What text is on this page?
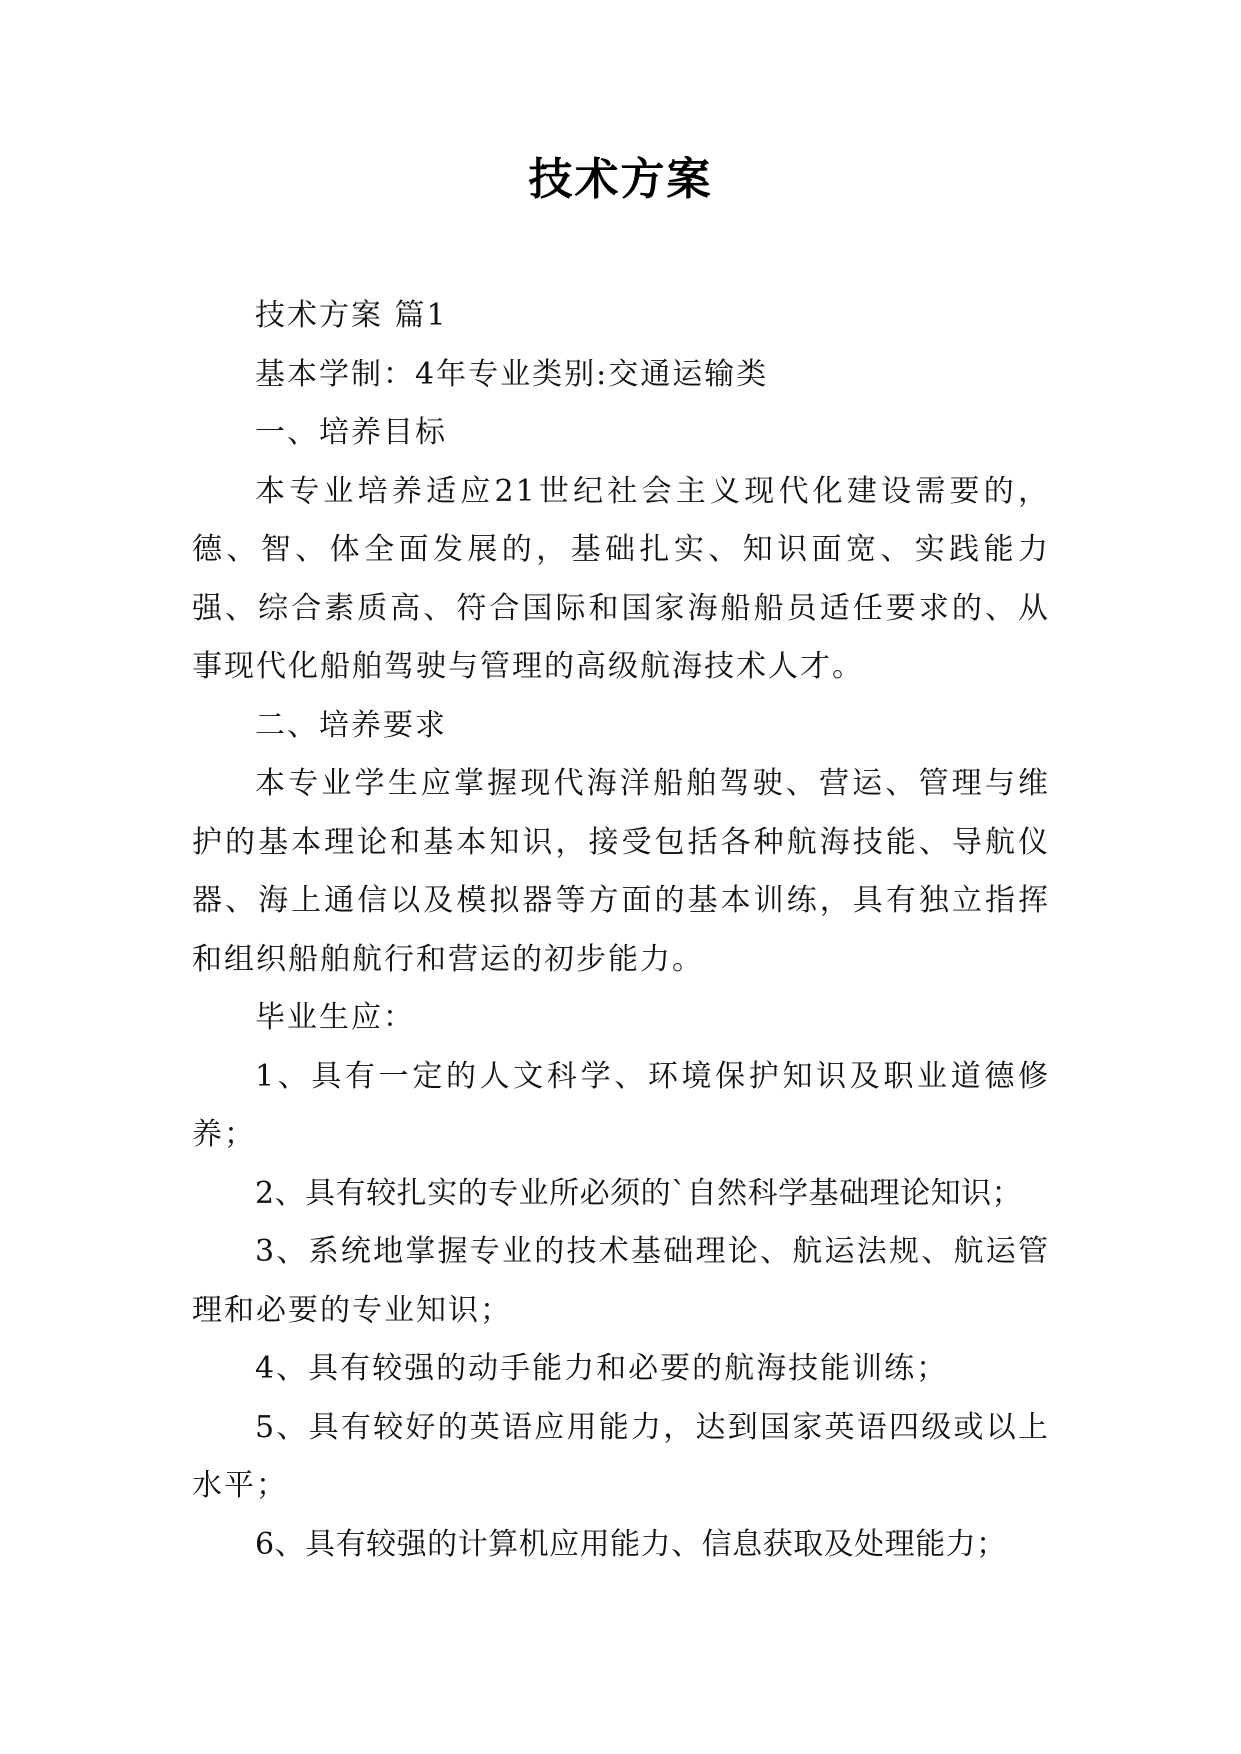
技术方案

技术方案 篇1

基本学制：4年专业类别:交通运输类

一、培养目标

本专业培养适应21世纪社会主义现代化建设需要的，德、智、体全面发展的，基础扎实、知识面宽、实践能力强、综合素质高、符合国际和国家海船船员适任要求的、从事现代化船舶驾驶与管理的高级航海技术人才。

二、培养要求

本专业学生应掌握现代海洋船舶驾驶、营运、管理与维护的基本理论和基本知识，接受包括各种航海技能、导航仪器、海上通信以及模拟器等方面的基本训练，具有独立指挥和组织船舶航行和营运的初步能力。

毕业生应：

1、具有一定的人文科学、环境保护知识及职业道德修养；

2、具有较扎实的专业所必须的`自然科学基础理论知识；

3、系统地掌握专业的技术基础理论、航运法规、航运管理和必要的专业知识；

4、具有较强的动手能力和必要的航海技能训练；

5、具有较好的英语应用能力，达到国家英语四级或以上水平；

6、具有较强的计算机应用能力、信息获取及处理能力；
